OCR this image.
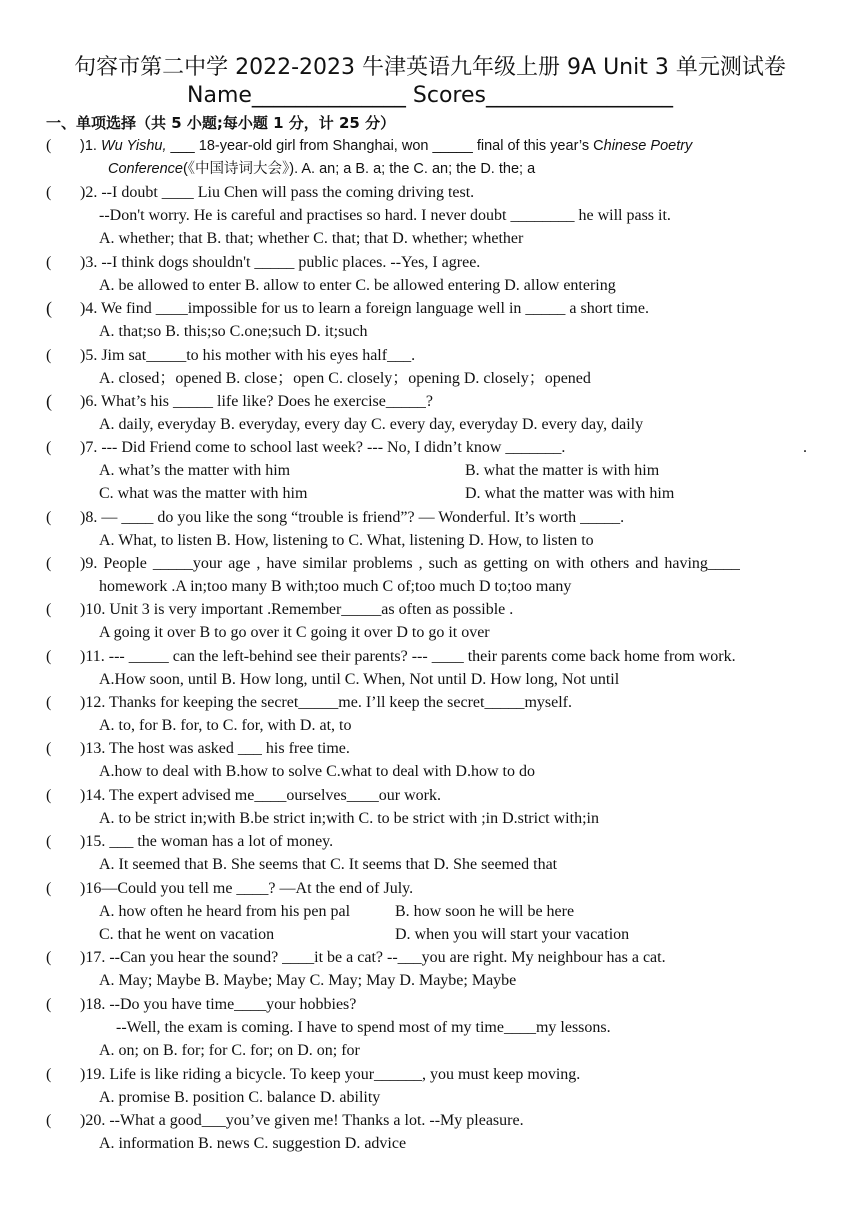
句容市第二中学 2022-2023 牛津英语九年级上册 9A Unit 3 单元测试卷
Name______________ Scores_________________
一、单项选择（共 5 小题;每小题 1 分，计 25 分）
( )1. Wu Yishu, ___ 18-year-old girl from Shanghai, won _____ final of this year’s Chinese Poetry
Conference(《中国诗词大会》). A. an; a B. a; the C. an; the D. the; a
( )2. --I doubt ____ Liu Chen will pass the coming driving test.
--Don't worry. He is careful and practises so hard. I never doubt ________ he will pass it.
A. whether; that B. that; whether C. that; that D. whether; whether
( )3. --I think dogs shouldn't _____ public places. --Yes, I agree.
A. be allowed to enter B. allow to enter C. be allowed entering D. allow entering
( )4. We find ____impossible for us to learn a foreign language well in _____ a short time.
A. that;so B. this;so C.one;such D. it;such
( )5. Jim sat_____to his mother with his eyes half___.
A. closed；opened B. close；open C. closely；opening D. closely；opened
( )6. What’s his _____ life like? Does he exercise_____?
A. daily, everyday B. everyday, every day C. every day, everyday D. every day, daily
( )7. --- Did Friend come to school last week? --- No, I didn’t know _______.	.
A. what’s the matter with him	B. what the matter is with him
C. what was the matter with him	D. what the matter was with him
( )8. — ____ do you like the song “trouble is friend”? — Wonderful. It’s worth _____.
A. What, to listen B. How, listening to C. What, listening D. How, to listen to
( )9. People _____your age , have similar problems , such as getting on with others and having____
homework .A in;too many B with;too much C of;too much D to;too many
( )10. Unit 3 is very important .Remember_____as often as possible .
A going it over B to go over it C going it over D to go it over
( )11. --- _____ can the left-behind see their parents? --- ____ their parents come back home from work.
A.How soon, until B. How long, until C. When, Not until D. How long, Not until
( )12. Thanks for keeping the secret_____me. I’ll keep the secret_____myself.
A. to, for B. for, to C. for, with D. at, to
( )13. The host was asked ___ his free time.
A.how to deal with B.how to solve C.what to deal with D.how to do
( )14. The expert advised me____ourselves____our work.
A. to be strict in;with B.be strict in;with C. to be strict with ;in D.strict with;in
( )15. ___ the woman has a lot of money.
A. It seemed that B. She seems that C. It seems that D. She seemed that
( )16—Could you tell me ____? —At the end of July.
A. how often he heard from his pen pal	B. how soon he will be here
C. that he went on vacation	D. when you will start your vacation
( )17. --Can you hear the sound? ____it be a cat? --___you are right. My neighbour has a cat.
A. May; Maybe B. Maybe; May C. May; May D. Maybe; Maybe
( )18. --Do you have time____your hobbies?
--Well, the exam is coming. I have to spend most of my time____my lessons.
A. on; on B. for; for C. for; on D. on; for
( )19. Life is like riding a bicycle. To keep your______, you must keep moving.
A. promise B. position C. balance D. ability
( )20. --What a good___you’ve given me! Thanks a lot. --My pleasure.
A. information B. news C. suggestion D. advice
